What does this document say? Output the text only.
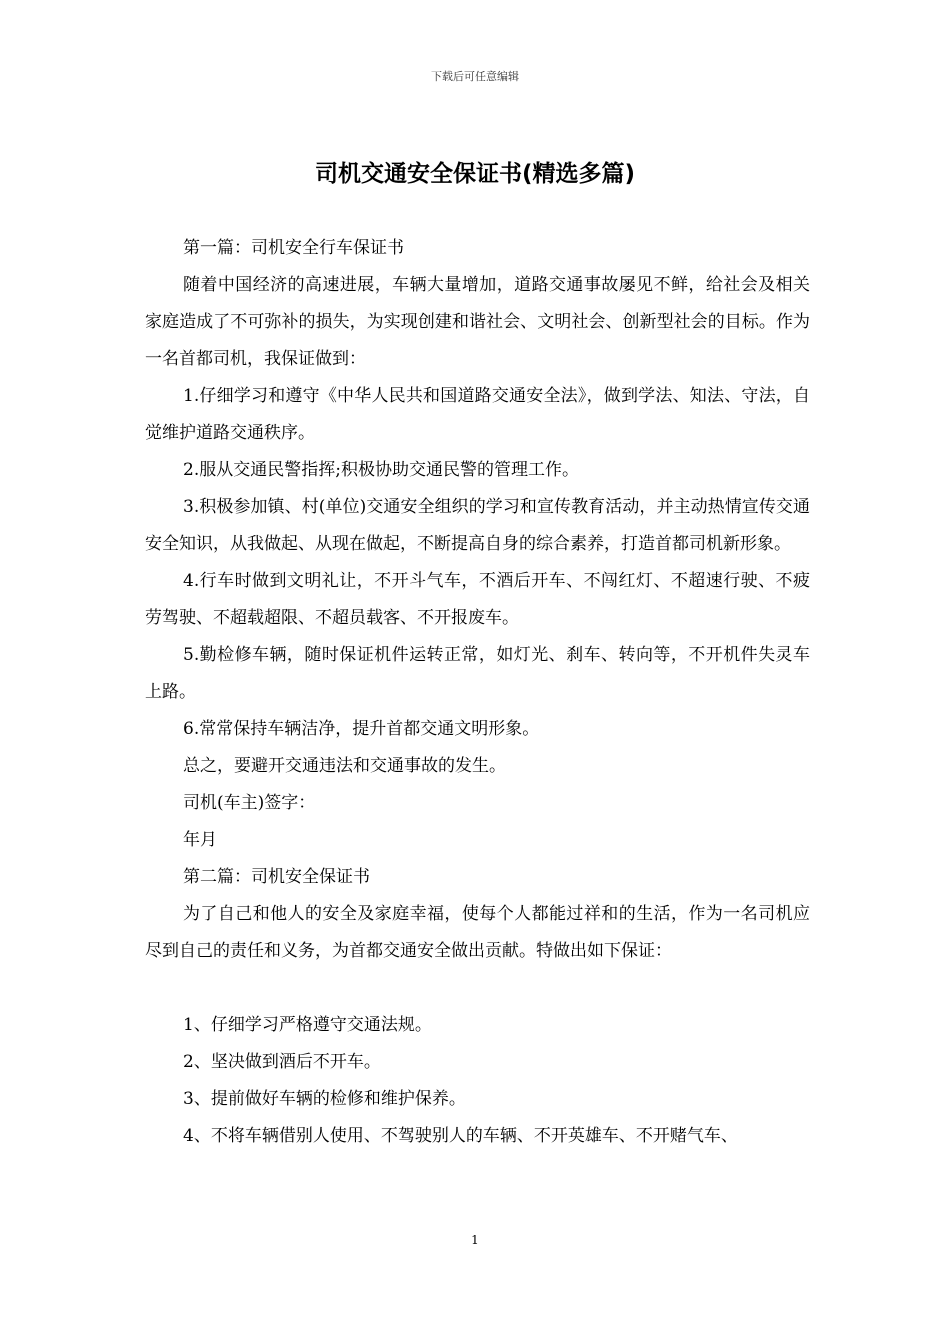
下载后可任意编辑
司机交通安全保证书(精选多篇)

第一篇：司机安全行车保证书

随着中国经济的高速进展，车辆大量增加，道路交通事故屡见不鲜，给社会及相关家庭造成了不可弥补的损失，为实现创建和谐社会、文明社会、创新型社会的目标。作为一名首都司机，我保证做到：

1.仔细学习和遵守《中华人民共和国道路交通安全法》，做到学法、知法、守法，自觉维护道路交通秩序。

2.服从交通民警指挥;积极协助交通民警的管理工作。

3.积极参加镇、村(单位)交通安全组织的学习和宣传教育活动，并主动热情宣传交通安全知识，从我做起、从现在做起，不断提高自身的综合素养，打造首都司机新形象。

4.行车时做到文明礼让，不开斗气车，不酒后开车、不闯红灯、不超速行驶、不疲劳驾驶、不超载超限、不超员载客、不开报废车。

5.勤检修车辆，随时保证机件运转正常，如灯光、刹车、转向等，不开机件失灵车上路。

6.常常保持车辆洁净，提升首都交通文明形象。

总之，要避开交通违法和交通事故的发生。

司机(车主)签字：

年月

第二篇：司机安全保证书

为了自己和他人的安全及家庭幸福，使每个人都能过祥和的生活，作为一名司机应尽到自己的责任和义务，为首都交通安全做出贡献。特做出如下保证：

1、仔细学习严格遵守交通法规。

2、坚决做到酒后不开车。

3、提前做好车辆的检修和维护保养。

4、不将车辆借别人使用、不驾驶别人的车辆、不开英雄车、不开赌气车、

1
